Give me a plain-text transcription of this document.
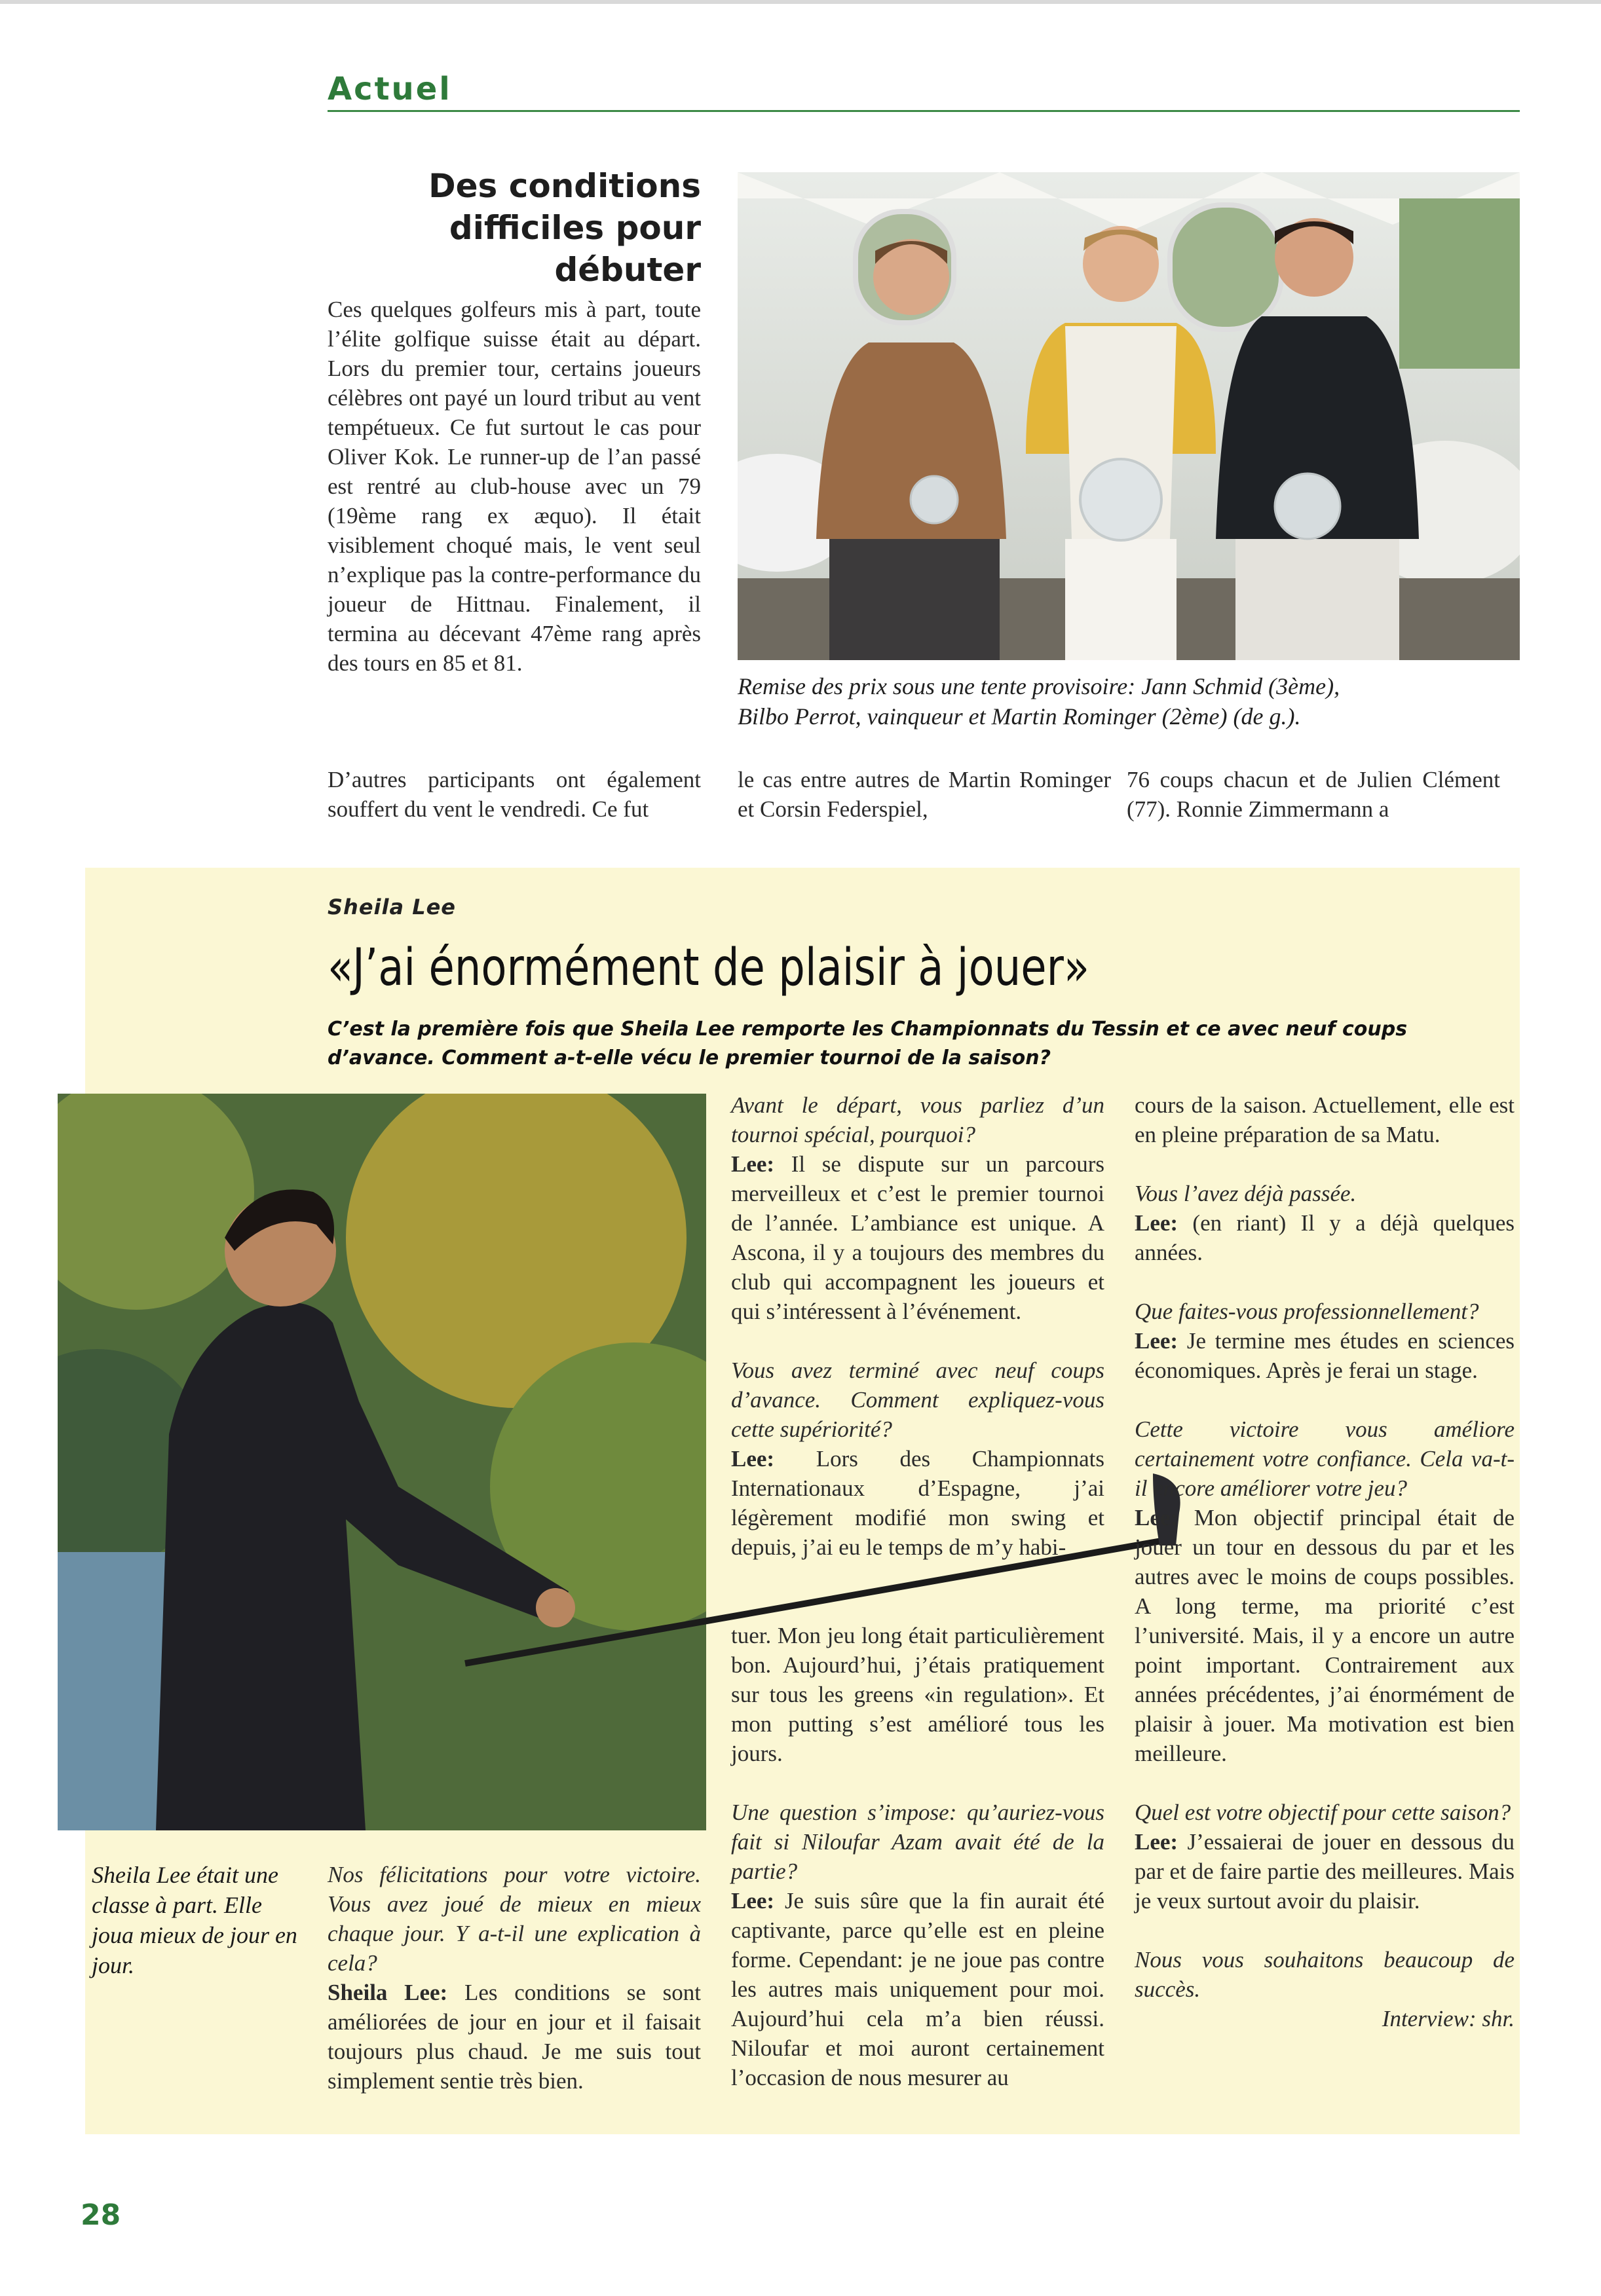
Actuel
Des conditions
difficiles pour débuter

Ces quelques golfeurs mis à part, toute l’élite golfique suisse était au départ. Lors du premier tour, certains joueurs célèbres ont payé un lourd tribut au vent tempétueux. Ce fut surtout le cas pour Oliver Kok. Le runner-up de l’an passé est rentré au club-house avec un 79 (19ème rang ex æquo). Il était visiblement choqué mais, le vent seul n’explique pas la contre-performance du joueur de Hittnau. Finalement, il termina au décevant 47ème rang après des tours en 85 et 81.

Remise des prix sous une tente provisoire: Jann Schmid (3ème),
Bilbo Perrot, vainqueur et Martin Rominger (2ème) (de g.).
D’autres participants ont également souffert du vent le vendredi. Ce fut
le cas entre autres de Martin Rominger et Corsin Federspiel,
76 coups chacun et de Julien Clément (77). Ronnie Zimmermann a
Sheila Lee
«J’ai énormément de plaisir à jouer»
C’est la première fois que Sheila Lee remporte les Championnats du Tessin et ce avec neuf coups d’avance. Comment a-t-elle vécu le premier tournoi de la saison?
Sheila Lee était une classe à part. Elle joua mieux de jour en jour.

Nos félicitations pour votre victoire. Vous avez joué de mieux en mieux chaque jour. Y a-t-il une explication à cela?

Sheila Lee: Les conditions se sont améliorées de jour en jour et il faisait toujours plus chaud. Je me suis tout simplement sentie très bien.

Avant le départ, vous parliez d’un tournoi spécial, pourquoi?

Lee: Il se dispute sur un parcours merveilleux et c’est le premier tournoi de l’année. L’ambiance est unique. A Ascona, il y a toujours des membres du club qui accompagnent les joueurs et qui s’intéressent à l’événement.

Vous avez terminé avec neuf coups d’avance. Comment expliquez-vous cette supériorité?

Lee: Lors des Championnats Internationaux d’Espagne, j’ai légèrement modifié mon swing et depuis, j’ai eu le temps de m’y habi-

tuer. Mon jeu long était particulièrement bon. Aujourd’hui, j’étais pratiquement sur tous les greens «in regulation». Et mon putting s’est amélioré tous les jours.

Une question s’impose: qu’auriez-vous fait si Niloufar Azam avait été de la partie?

Lee: Je suis sûre que la fin aurait été captivante, parce qu’elle est en pleine forme. Cependant: je ne joue pas contre les autres mais uniquement pour moi. Aujourd’hui cela m’a bien réussi. Niloufar et moi auront certainement l’occasion de nous mesurer au

cours de la saison. Actuellement, elle est en pleine préparation de sa Matu.

Vous l’avez déjà passée.

Lee: (en riant) Il y a déjà quelques années.

Que faites-vous professionnellement?

Lee: Je termine mes études en sciences économiques. Après je ferai un stage.

Cette victoire vous améliore certainement votre confiance. Cela va-t-il encore améliorer votre jeu?

Lee: Mon objectif principal était de jouer un tour en dessous du par et les autres avec le moins de coups possibles. A long terme, ma priorité c’est l’université. Mais, il y a encore un autre point important. Contrairement aux années précédentes, j’ai énormément de plaisir à jouer. Ma motivation est bien meilleure.

Quel est votre objectif pour cette saison?

Lee: J’essaierai de jouer en dessous du par et de faire partie des meilleures. Mais je veux surtout avoir du plaisir.

Nous vous souhaitons beaucoup de succès.

Interview: shr.

28
